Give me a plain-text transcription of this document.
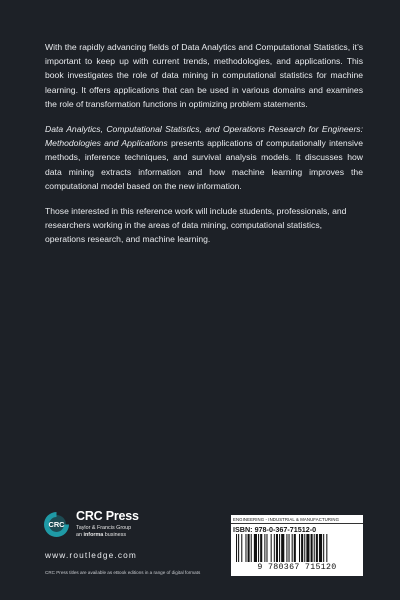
With the rapidly advancing fields of Data Analytics and Computational Statistics, it’s important to keep up with current trends, methodologies, and applications. This book investigates the role of data mining in computational statistics for machine learning. It offers applications that can be used in various domains and examines the role of transformation functions in optimizing problem statements.

Data Analytics, Computational Statistics, and Operations Research for Engineers: Methodologies and Applications presents applications of computationally intensive methods, inference techniques, and survival analysis models. It discusses how data mining extracts information and how machine learning improves the computational model based on the new information.

Those interested in this reference work will include students, professionals, and researchers working in the areas of data mining, computational statistics, operations research, and machine learning.

CRC
CRC Press
Taylor & Francis Group
an informa business
www.routledge.com
CRC Press titles are available as eBook editions in a range of digital formats
ENGINEERING - INDUSTRIAL & MANUFACTURING
ISBN: 978-0-367-71512-0
9 780367 715120
